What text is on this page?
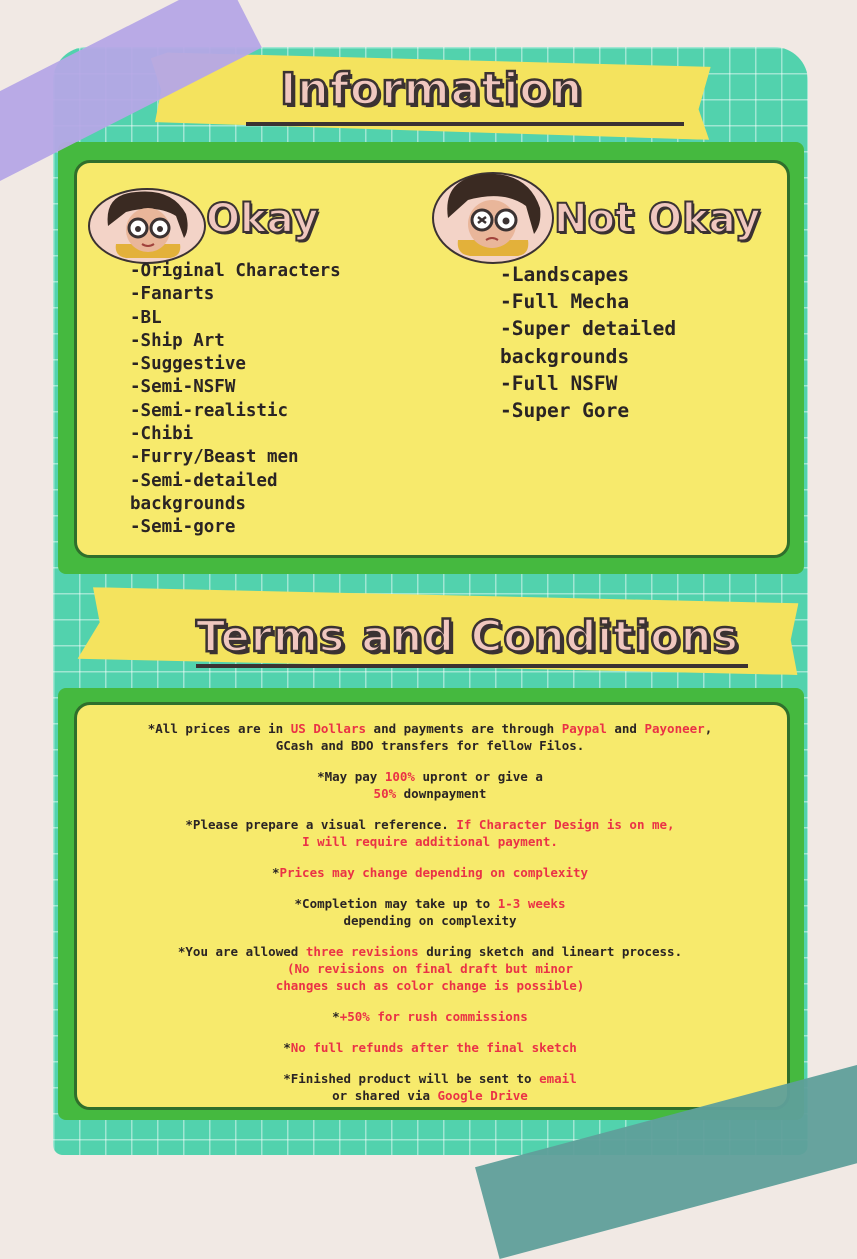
Information
Okay	Not Okay
-Original Characters
-Fanarts
-BL
-Ship Art
-Suggestive
-Semi-NSFW
-Semi-realistic
-Chibi
-Furry/Beast men
-Semi-detailed backgrounds
-Semi-gore
-Landscapes
-Full Mecha
-Super detailed backgrounds
-Full NSFW
-Super Gore
Terms and Conditions

*All prices are in US Dollars and payments are through Paypal and Payoneer,
GCash and BDO transfers for fellow Filos.

*May pay 100% upront or give a
50% downpayment

*Please prepare a visual reference. If Character Design is on me,
I will require additional payment.

*Prices may change depending on complexity

*Completion may take up to 1-3 weeks
depending on complexity

*You are allowed three revisions during sketch and lineart process.
(No revisions on final draft but minor
changes such as color change is possible)

*+50% for rush commissions

*No full refunds after the final sketch

*Finished product will be sent to email
or shared via Google Drive
